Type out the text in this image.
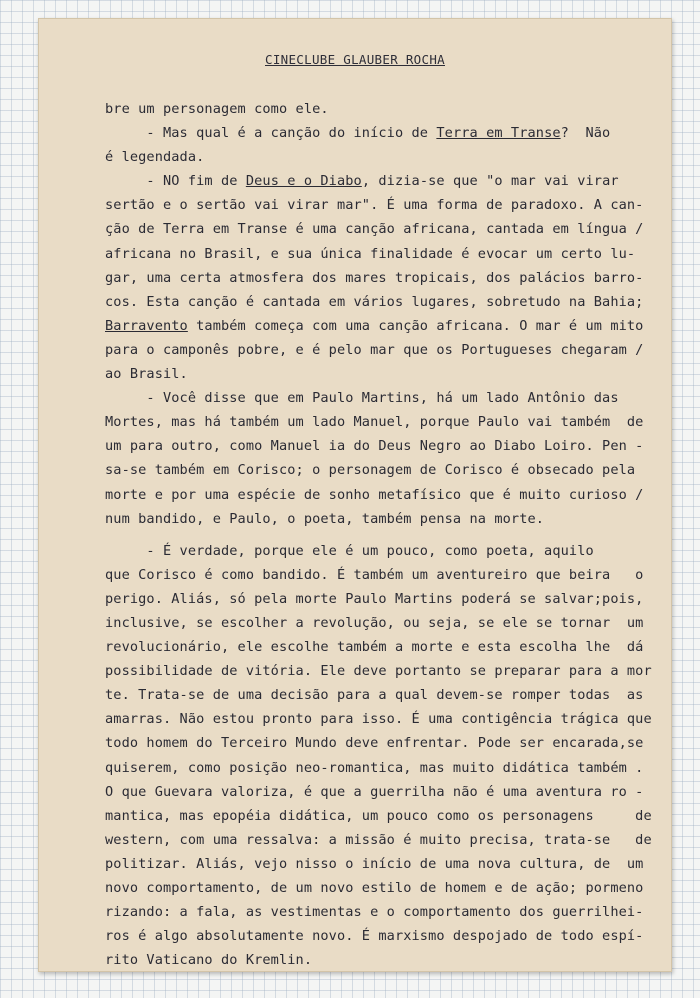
CINECLUBE GLAUBER ROCHA
bre um personagem como ele.
- Mas qual é a canção do início de Terra em Transe?  Não
é legendada.
- NO fim de Deus e o Diabo, dizia-se que "o mar vai virar
sertão e o sertão vai virar mar". É uma forma de paradoxo. A can-
ção de Terra em Transe é uma canção africana, cantada em língua /
africana no Brasil, e sua única finalidade é evocar um certo lu-
gar, uma certa atmosfera dos mares tropicais, dos palácios barro-
cos. Esta canção é cantada em vários lugares, sobretudo na Bahia;
Barravento também começa com uma canção africana. O mar é um mito
para o camponês pobre, e é pelo mar que os Portugueses chegaram /
ao Brasil.
- Você disse que em Paulo Martins, há um lado Antônio das
Mortes, mas há também um lado Manuel, porque Paulo vai também  de
um para outro, como Manuel ia do Deus Negro ao Diabo Loiro. Pen -
sa-se também em Corisco; o personagem de Corisco é obsecado pela
morte e por uma espécie de sonho metafísico que é muito curioso /
num bandido, e Paulo, o poeta, também pensa na morte.
- É verdade, porque ele é um pouco, como poeta, aquilo
que Corisco é como bandido. É também um aventureiro que beira   o
perigo. Aliás, só pela morte Paulo Martins poderá se salvar;pois,
inclusive, se escolher a revolução, ou seja, se ele se tornar  um
revolucionário, ele escolhe também a morte e esta escolha lhe  dá
possibilidade de vitória. Ele deve portanto se preparar para a mor
te. Trata-se de uma decisão para a qual devem-se romper todas  as
amarras. Não estou pronto para isso. É uma contigência trágica que
todo homem do Terceiro Mundo deve enfrentar. Pode ser encarada,se
quiserem, como posição neo-romantica, mas muito didática também .
O que Guevara valoriza, é que a guerrilha não é uma aventura ro -
mantica, mas epopéia didática, um pouco como os personagens     de
western, com uma ressalva: a missão é muito precisa, trata-se   de
politizar. Aliás, vejo nisso o início de uma nova cultura, de  um
novo comportamento, de um novo estilo de homem e de ação; pormeno
rizando: a fala, as vestimentas e o comportamento dos guerrilhei-
ros é algo absolutamente novo. É marxismo despojado de todo espí-
rito Vaticano do Kremlin.
